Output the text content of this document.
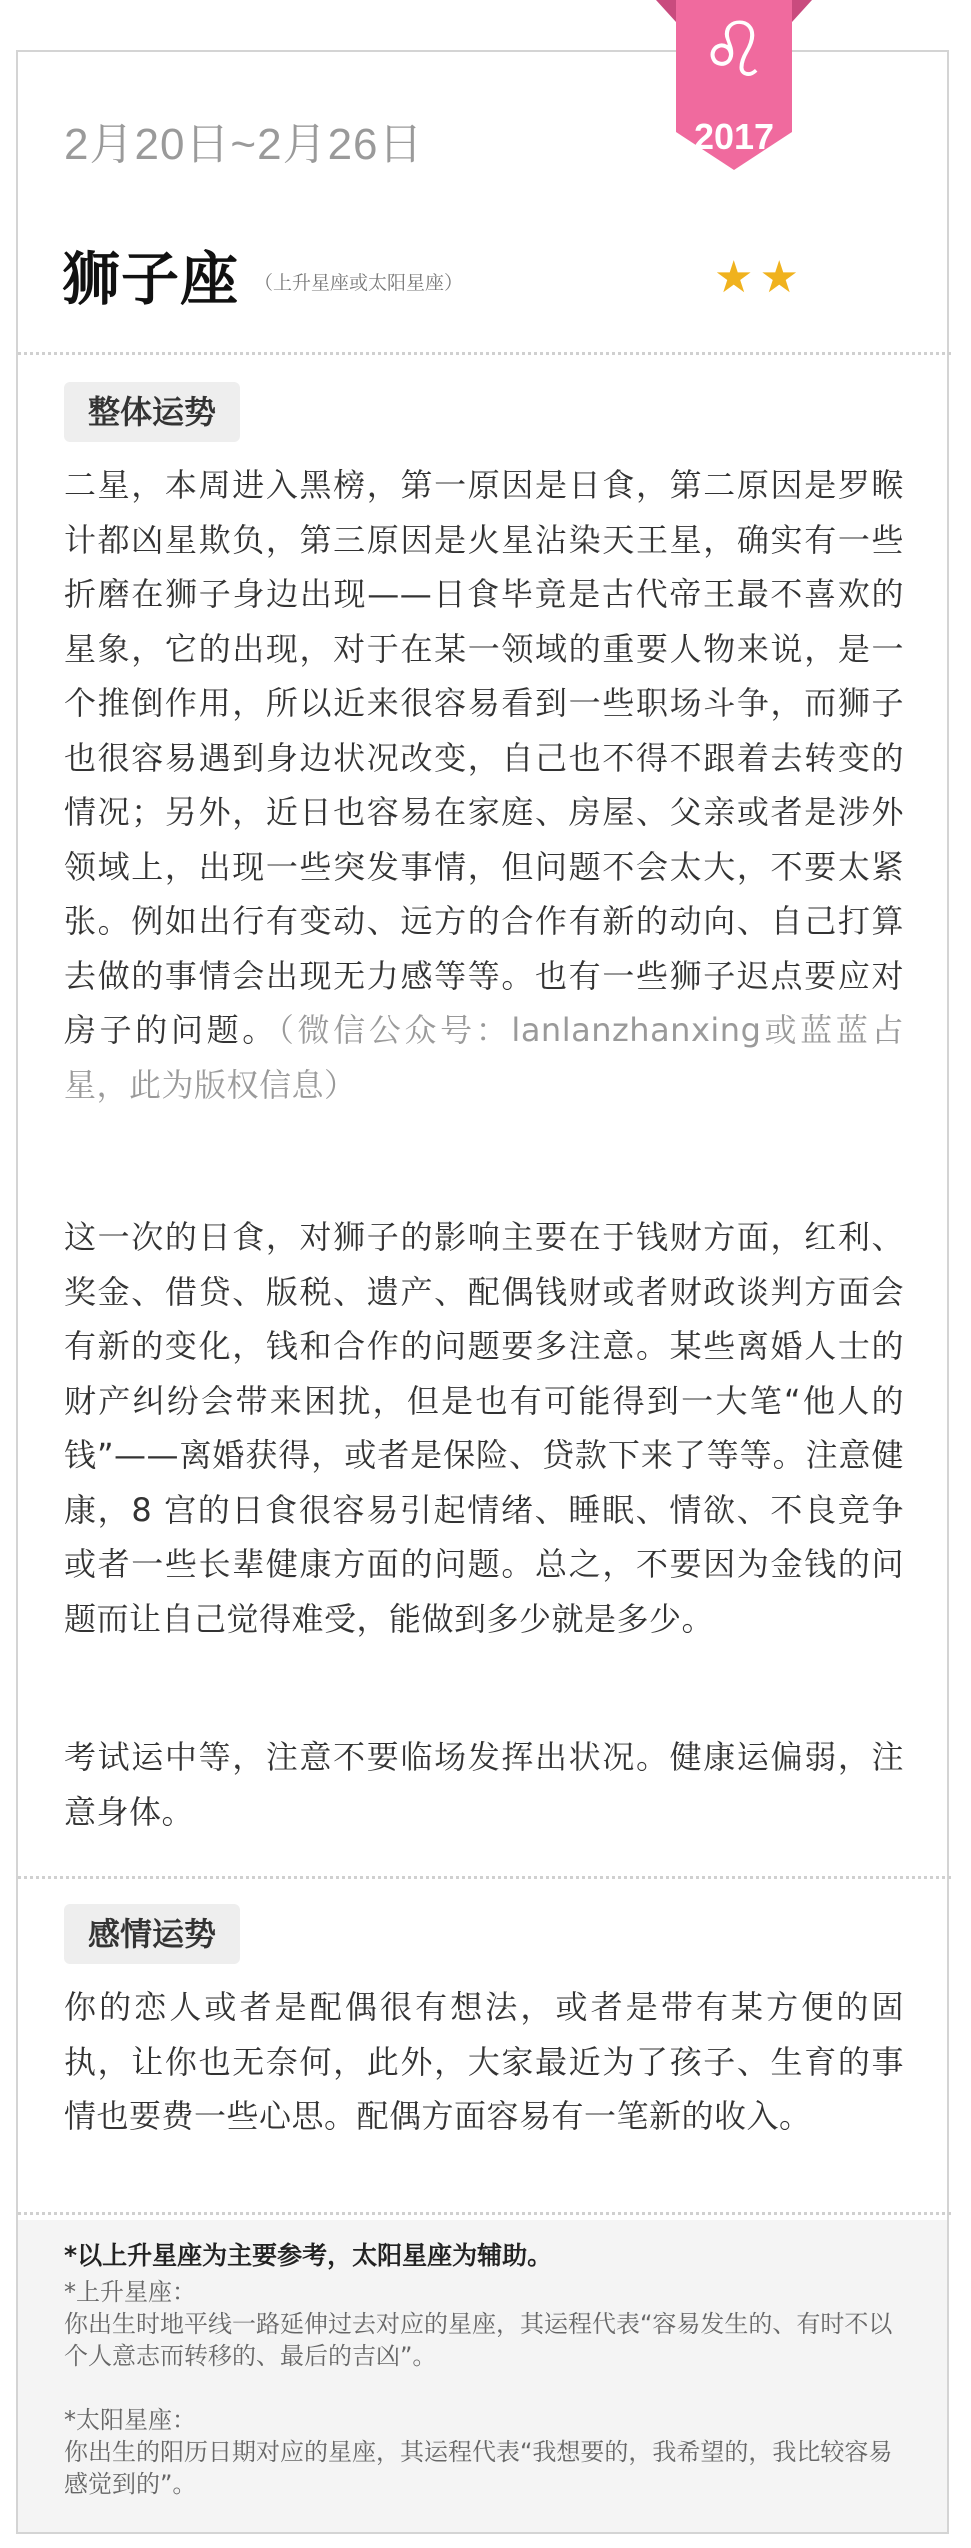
♌
2017
2月20日~2月26日
狮子座 （上升星座或太阳星座）	★★
整体运势

二星，本周进入黑榜，第一原因是日食，第二原因是罗睺计都凶星欺负，第三原因是火星沾染天王星，确实有一些折磨在狮子身边出现——日食毕竟是古代帝王最不喜欢的星象，它的出现，对于在某一领域的重要人物来说，是一个推倒作用，所以近来很容易看到一些职场斗争，而狮子也很容易遇到身边状况改变，自己也不得不跟着去转变的情况；另外，近日也容易在家庭、房屋、父亲或者是涉外领域上，出现一些突发事情，但问题不会太大，不要太紧张。例如出行有变动、远方的合作有新的动向、自己打算去做的事情会出现无力感等等。也有一些狮子迟点要应对房子的问题。（微信公众号：lanlanzhanxing或蓝蓝占星，此为版权信息）

这一次的日食，对狮子的影响主要在于钱财方面，红利、奖金、借贷、版税、遗产、配偶钱财或者财政谈判方面会有新的变化，钱和合作的问题要多注意。某些离婚人士的财产纠纷会带来困扰，但是也有可能得到一大笔“他人的钱”——离婚获得，或者是保险、贷款下来了等等。注意健康，8 宫的日食很容易引起情绪、睡眠、情欲、不良竞争或者一些长辈健康方面的问题。总之，不要因为金钱的问题而让自己觉得难受，能做到多少就是多少。

考试运中等，注意不要临场发挥出状况。健康运偏弱，注意身体。

感情运势

你的恋人或者是配偶很有想法，或者是带有某方便的固执，让你也无奈何，此外，大家最近为了孩子、生育的事情也要费一些心思。配偶方面容易有一笔新的收入。

*以上升星座为主要参考，太阳星座为辅助。
*上升星座：
你出生时地平线一路延伸过去对应的星座，其运程代表“容易发生的、有时不以个人意志而转移的、最后的吉凶”。
*太阳星座：
你出生的阳历日期对应的星座，其运程代表“我想要的，我希望的，我比较容易感觉到的”。
